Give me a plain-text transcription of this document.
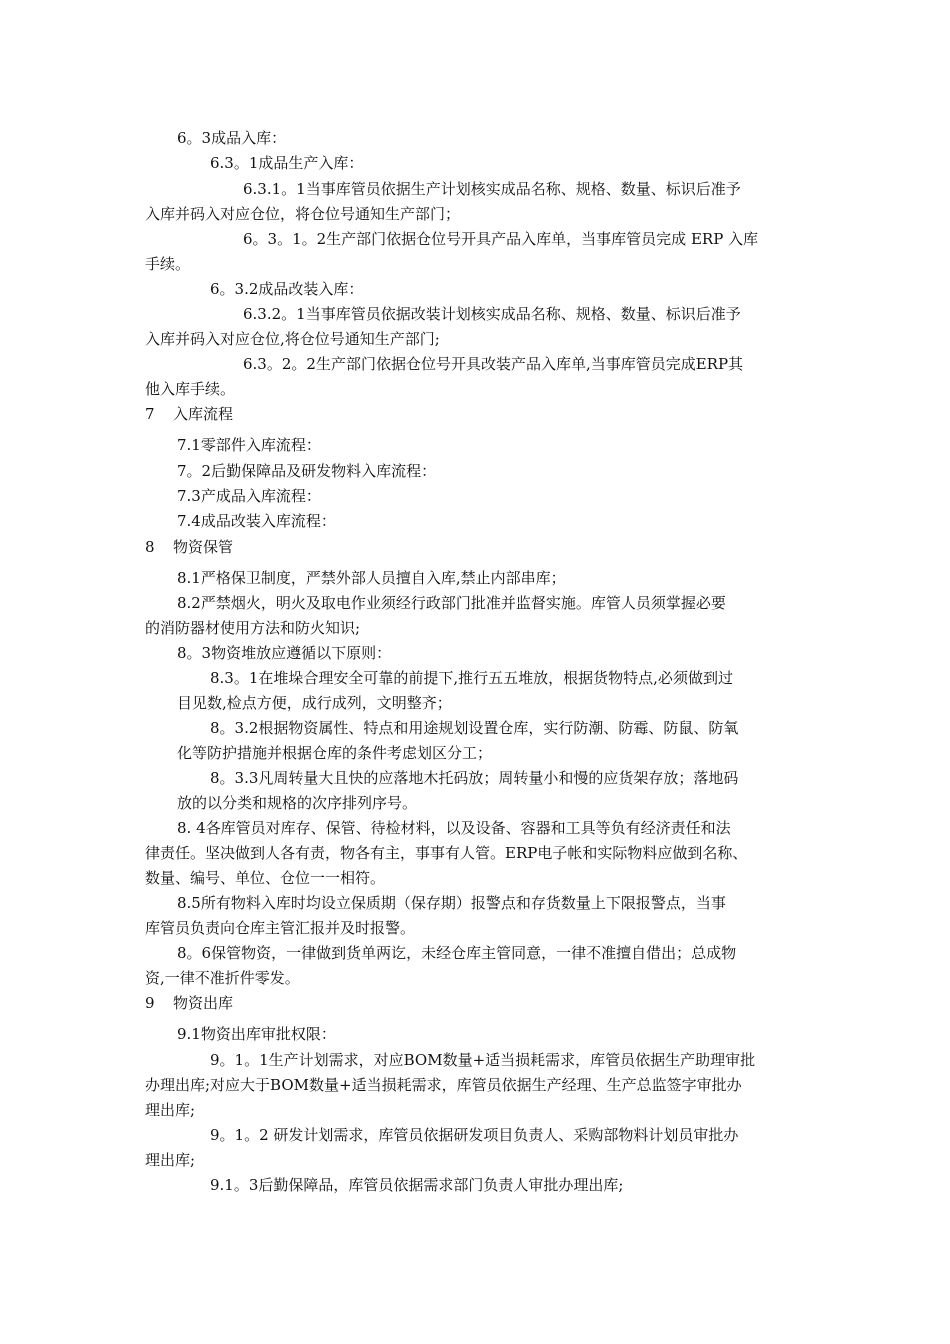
6。3成品入库：
6.3。1成品生产入库：
6.3.1。1当事库管员依据生产计划核实成品名称、规格、数量、标识后准予
入库并码入对应仓位，将仓位号通知生产部门；
6。3。1。2生产部门依据仓位号开具产品入库单，当事库管员完成 ERP 入库
手续。
6。3.2成品改装入库：
6.3.2。1当事库管员依据改装计划核实成品名称、规格、数量、标识后准予
入库并码入对应仓位,将仓位号通知生产部门;
6.3。2。2生产部门依据仓位号开具改装产品入库单,当事库管员完成ERP其
他入库手续。
7 入库流程
7.1零部件入库流程：
7。2后勤保障品及研发物料入库流程：
7.3产成品入库流程：
7.4成品改装入库流程：
8 物资保管
8.1严格保卫制度，严禁外部人员擅自入库,禁止内部串库；
8.2严禁烟火，明火及取电作业须经行政部门批准并监督实施。库管人员须掌握必要
的消防器材使用方法和防火知识;
8。3物资堆放应遵循以下原则：
8.3。1在堆垛合理安全可靠的前提下,推行五五堆放，根据货物特点,必须做到过
目见数,检点方便，成行成列，文明整齐；
8。3.2根据物资属性、特点和用途规划设置仓库，实行防潮、防霉、防鼠、防氧
化等防护措施并根据仓库的条件考虑划区分工；
8。3.3凡周转量大且快的应落地木托码放；周转量小和慢的应货架存放；落地码
放的以分类和规格的次序排列序号。
8. 4各库管员对库存、保管、待检材料，以及设备、容器和工具等负有经济责任和法
律责任。坚决做到人各有责，物各有主，事事有人管。ERP电子帐和实际物料应做到名称、
数量、编号、单位、仓位一一相符。
8.5所有物料入库时均设立保质期（保存期）报警点和存货数量上下限报警点，当事
库管员负责向仓库主管汇报并及时报警。
8。6保管物资，一律做到货单两讫，未经仓库主管同意，一律不准擅自借出；总成物
资,一律不准折件零发。
9 物资出库
9.1物资出库审批权限：
9。1。1生产计划需求，对应BOM数量+适当损耗需求，库管员依据生产助理审批
办理出库;对应大于BOM数量+适当损耗需求，库管员依据生产经理、生产总监签字审批办
理出库;
9。1。2 研发计划需求，库管员依据研发项目负责人、采购部物料计划员审批办
理出库;
9.1。3后勤保障品，库管员依据需求部门负责人审批办理出库;
